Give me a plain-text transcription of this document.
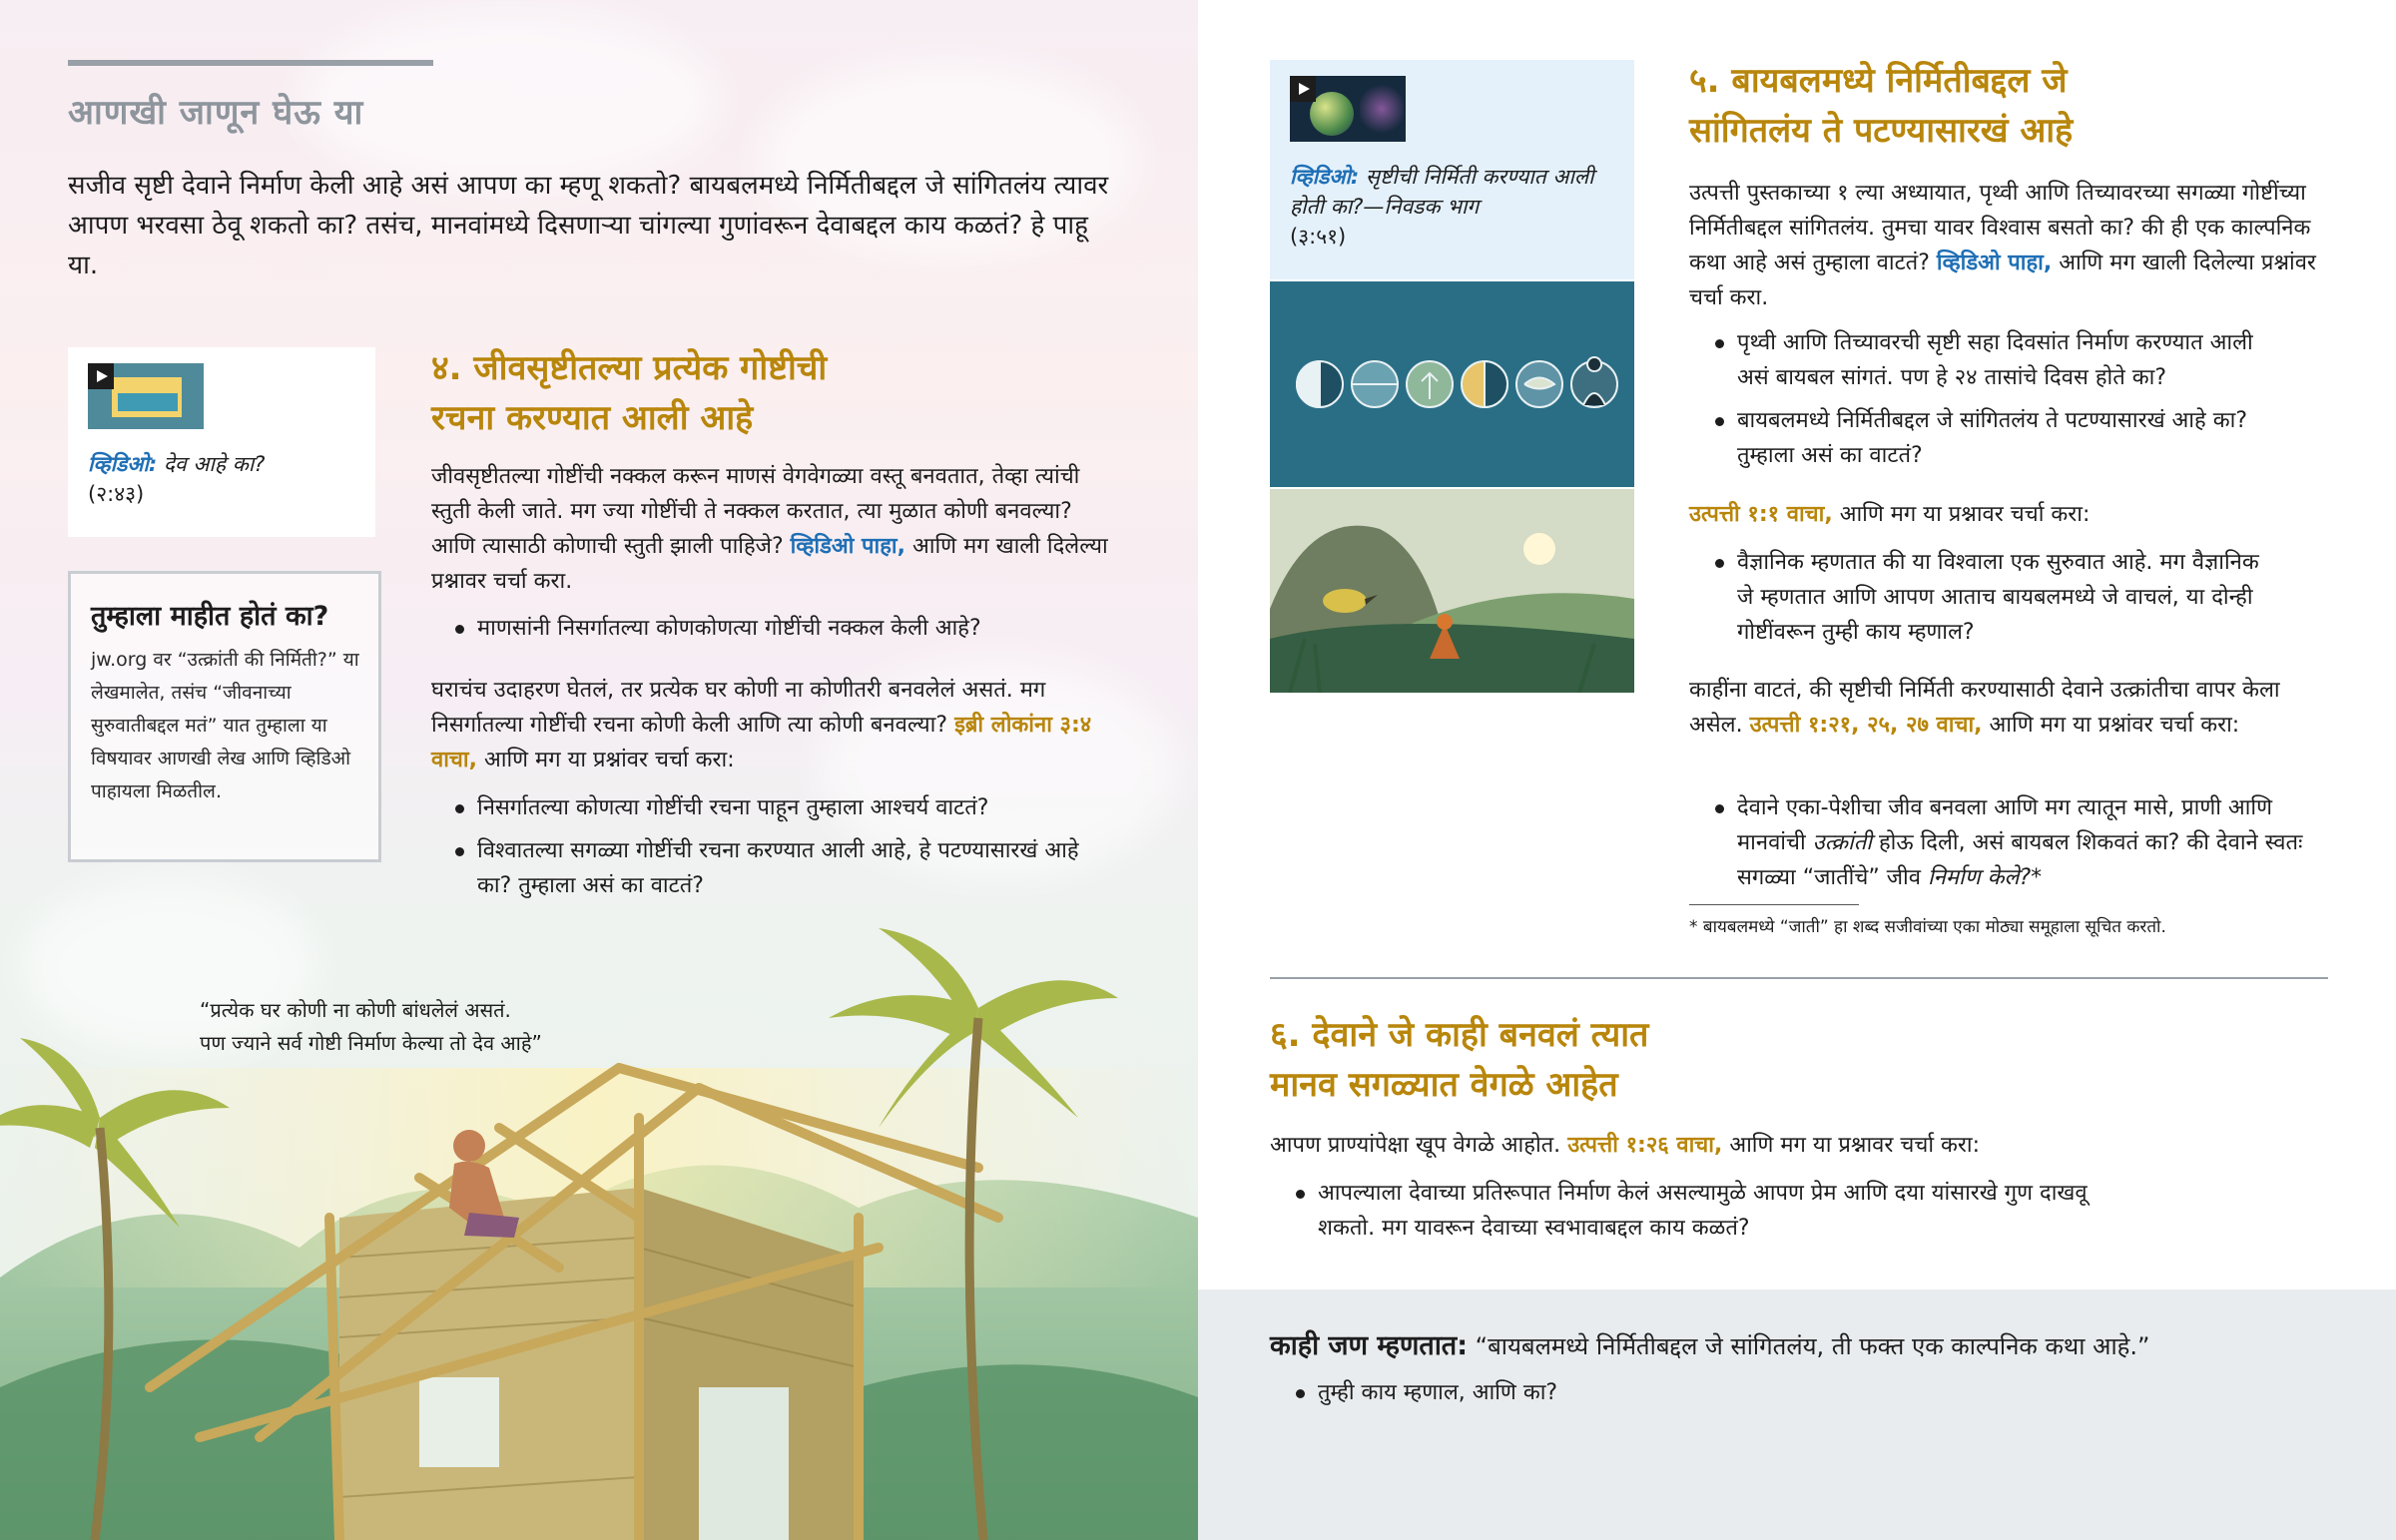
आणखी जाणून घेऊ या
सजीव सृष्टी देवाने निर्माण केली आहे असं आपण का म्हणू शकतो? बायबलमध्ये निर्मितीबद्दल जे सांगितलंय त्यावर आपण भरवसा ठेवू शकतो का? तसंच, मानवांमध्ये दिसणाऱ्या चांगल्या गुणांवरून देवाबद्दल काय कळतं? हे पाहू या.
व्हिडिओ: देव आहे का?
(२:४३)
तुम्हाला माहीत होतं का?

jw.org वर “उत्क्रांती की निर्मिती?” या लेखमालेत, तसंच “जीवनाच्या सुरुवातीबद्दल मतं” यात तुम्हाला या विषयावर आणखी लेख आणि व्हिडिओ पाहायला मिळतील.

४. जीवसृष्टीतल्या प्रत्येक गोष्टीची
रचना करण्यात आली आहे
जीवसृष्टीतल्या गोष्टींची नक्कल करून माणसं वेगवेगळ्या वस्तू बनवतात, तेव्हा त्यांची स्तुती केली जाते. मग ज्या गोष्टींची ते नक्कल करतात, त्या मुळात कोणी बनवल्या? आणि त्यासाठी कोणाची स्तुती झाली पाहिजे? व्हिडिओ पाहा, आणि मग खाली दिलेल्या प्रश्नावर चर्चा करा.
माणसांनी निसर्गातल्या कोणकोणत्या गोष्टींची नक्कल केली आहे?
घराचंच उदाहरण घेतलं, तर प्रत्येक घर कोणी ना कोणीतरी बनवलेलं असतं. मग निसर्गातल्या गोष्टींची रचना कोणी केली आणि त्या कोणी बनवल्या? इब्री लोकांना ३:४ वाचा, आणि मग या प्रश्नांवर चर्चा करा:
निसर्गातल्या कोणत्या गोष्टींची रचना पाहून तुम्हाला आश्चर्य वाटतं?
विश्वातल्या सगळ्या गोष्टींची रचना करण्यात आली आहे, हे पटण्यासारखं आहे का? तुम्हाला असं का वाटतं?
“प्रत्येक घर कोणी ना कोणी बांधलेलं असतं.
पण ज्याने सर्व गोष्टी निर्माण केल्या तो देव आहे”
व्हिडिओ: सृष्टीची निर्मिती करण्यात आली होती का?—निवडक भाग
(३:५१)
५. बायबलमध्ये निर्मितीबद्दल जे
सांगितलंय ते पटण्यासारखं आहे
उत्पत्ती पुस्तकाच्या १ ल्या अध्यायात, पृथ्वी आणि तिच्यावरच्या सगळ्या गोष्टींच्या निर्मितीबद्दल सांगितलंय. तुमचा यावर विश्वास बसतो का? की ही एक काल्पनिक कथा आहे असं तुम्हाला वाटतं? व्हिडिओ पाहा, आणि मग खाली दिलेल्या प्रश्नांवर चर्चा करा.
पृथ्वी आणि तिच्यावरची सृष्टी सहा दिवसांत निर्माण करण्यात आली असं बायबल सांगतं. पण हे २४ तासांचे दिवस होते का?
बायबलमध्ये निर्मितीबद्दल जे सांगितलंय ते पटण्यासारखं आहे का? तुम्हाला असं का वाटतं?
उत्पत्ती १:१ वाचा, आणि मग या प्रश्नावर चर्चा करा:
वैज्ञानिक म्हणतात की या विश्वाला एक सुरुवात आहे. मग वैज्ञानिक जे म्हणतात आणि आपण आताच बायबलमध्ये जे वाचलं, या दोन्ही गोष्टींवरून तुम्ही काय म्हणाल?
काहींना वाटतं, की सृष्टीची निर्मिती करण्यासाठी देवाने उत्क्रांतीचा वापर केला असेल. उत्पत्ती १:२१, २५, २७ वाचा, आणि मग या प्रश्नांवर चर्चा करा:
देवाने एका-पेशीचा जीव बनवला आणि मग त्यातून मासे, प्राणी आणि मानवांची उत्क्रांती होऊ दिली, असं बायबल शिकवतं का? की देवाने स्वतः सगळ्या “जातींचे” जीव निर्माण केले?*
* बायबलमध्ये “जाती” हा शब्द सजीवांच्या एका मोठ्या समूहाला सूचित करतो.
६. देवाने जे काही बनवलं त्यात
मानव सगळ्यात वेगळे आहेत
आपण प्राण्यांपेक्षा खूप वेगळे आहोत. उत्पत्ती १:२६ वाचा, आणि मग या प्रश्नावर चर्चा करा:
आपल्याला देवाच्या प्रतिरूपात निर्माण केलं असल्यामुळे आपण प्रेम आणि दया यांसारखे गुण दाखवू शकतो. मग यावरून देवाच्या स्वभावाबद्दल काय कळतं?
काही जण म्हणतात: “बायबलमध्ये निर्मितीबद्दल जे सांगितलंय, ती फक्त एक काल्पनिक कथा आहे.”
तुम्ही काय म्हणाल, आणि का?
